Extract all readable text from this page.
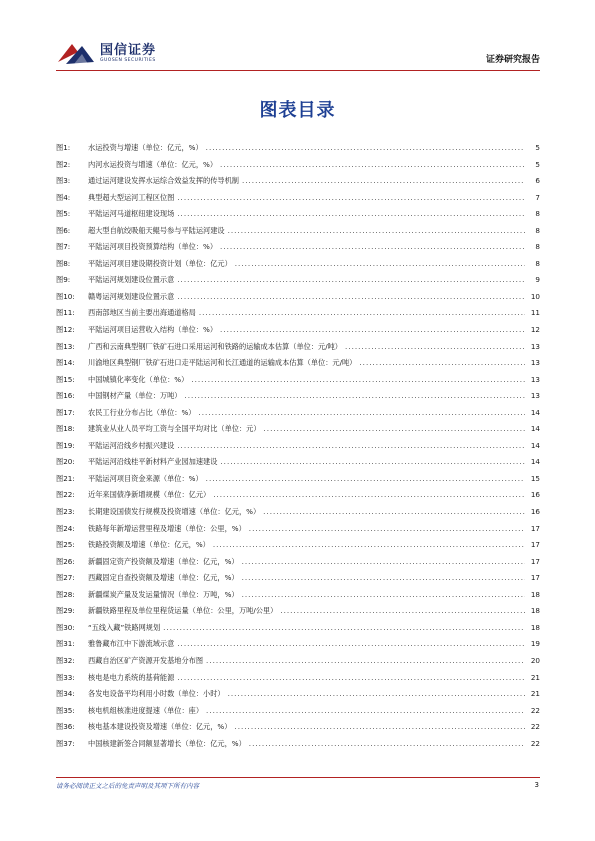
国信证券
GUOSEN SECURITIES	证券研究报告
图表目录
图1:	水运投资与增速（单位：亿元，%） .....	5
图2:	内河水运投资与增速（单位：亿元，%） .....	5
图3:	通过运河建设发挥水运综合效益发挥的传导机制 .....	6
图4:	典型超大型运河工程区位图 .....	7
图5:	平陆运河马道枢纽建设现场 .....	8
图6:	超大型自航绞吸船天鲲号参与平陆运河建设 .....	8
图7:	平陆运河项目投资预算结构（单位：%） .....	8
图8:	平陆运河项目建设期投资计划（单位：亿元） .....	8
图9:	平陆运河规划建设位置示意 .....	9
图10:	赣粤运河规划建设位置示意 .....	10
图11:	西南部地区当前主要出海通道格局 .....	11
图12:	平陆运河项目运营收入结构（单位：%） .....	12
图13:	广西和云南典型钢厂铁矿石进口采用运河和铁路的运输成本估算（单位：元/吨） .....	13
图14:	川渝地区典型钢厂铁矿石进口走平陆运河和长江通道的运输成本估算（单位：元/吨） .....	13
图15:	中国城镇化率变化（单位：%） .....	13
图16:	中国钢材产量（单位：万吨） .....	13
图17:	农民工行业分布占比（单位：%） .....	14
图18:	建筑业从业人员平均工资与全国平均对比（单位：元） .....	14
图19:	平陆运河沿线乡村振兴建设 .....	14
图20:	平陆运河沿线桂平新材料产业园加速建设 .....	14
图21:	平陆运河项目资金来源（单位：%） .....	15
图22:	近年来国债净新增规模（单位：亿元） .....	16
图23:	长期建设国债发行规模及投资增速（单位：亿元，%） .....	16
图24:	铁路每年新增运营里程及增速（单位：公里，%） .....	17
图25:	铁路投资额及增速（单位：亿元，%） .....	17
图26:	新疆固定资产投资额及增速（单位：亿元，%） .....	17
图27:	西藏固定自查投资额及增速（单位：亿元，%） .....	17
图28:	新疆煤炭产量及发运量情况（单位：万吨，%） .....	18
图29:	新疆铁路里程及单位里程货运量（单位：公里，万吨/公里） .....	18
图30:	“五线入藏”铁路网规划 .....	18
图31:	雅鲁藏布江中下游流域示意 .....	19
图32:	西藏自治区矿产资源开发基地分布图 .....	20
图33:	核电是电力系统的基荷能源 .....	21
图34:	各发电设备平均利用小时数（单位：小时） .....	21
图35:	核电机组核准进度提速（单位：座） .....	22
图36:	核电基本建设投资及增速（单位：亿元，%） .....	22
图37:	中国核建新签合同额显著增长（单位：亿元，%） .....	22
请务必阅读正文之后的免责声明及其项下所有内容	3
